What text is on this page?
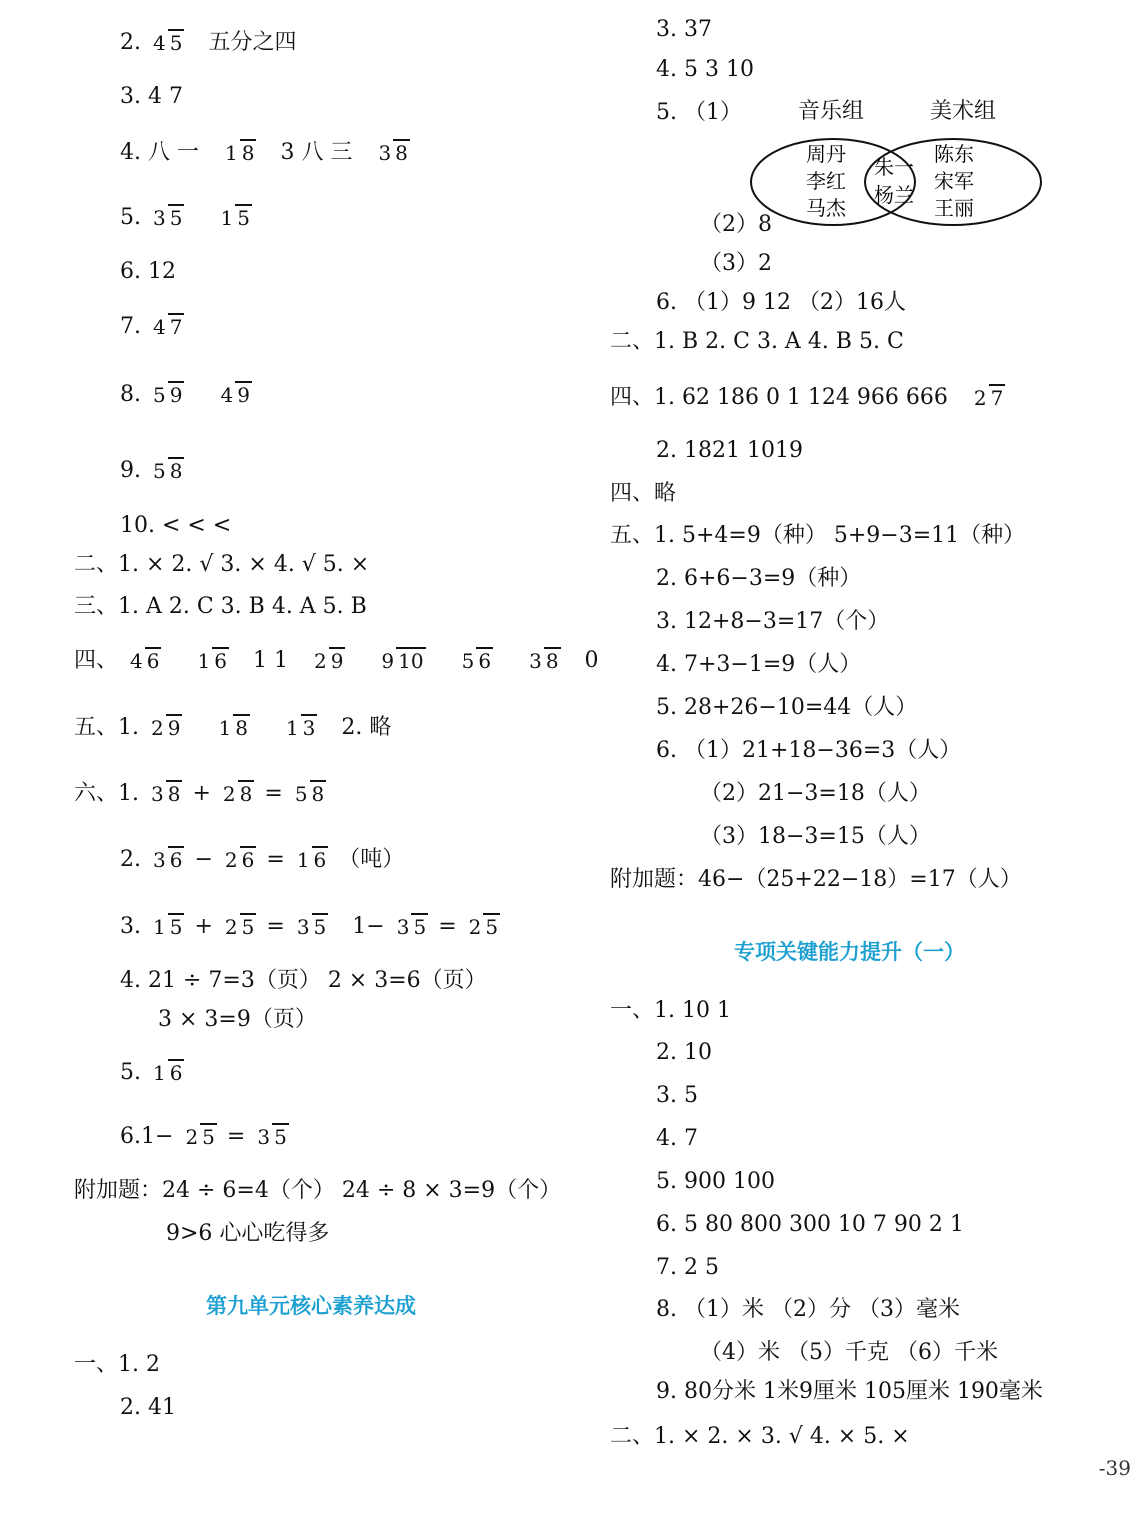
2. 4 5 五分之四
3. 4 7
4. 八 一 1 8 3 八 三 3 8
5. 3 5 1 5
6. 12
7. 4 7
8. 5 9 4 9
9. 5 8
10. < < <
二、1. × 2. √ 3. × 4. √ 5. ×
三、1. A 2. C 3. B 4. A 5. B
四、 4 6 1 6 1 1 2 9 9 10 5 6 3 8 0
五、1. 2 9 1 8 1 3 2. 略
六、1. 3 8 + 2 8 = 5 8
2. 3 6 − 2 6 = 1 6 （吨）
3. 1 5 + 2 5 = 3 5 1− 3 5 = 2 5
4. 21 ÷ 7=3（页） 2 × 3=6（页）
3 × 3=9（页）
5. 1 6
6.1− 2 5 = 3 5
附加题：24 ÷ 6=4（个） 24 ÷ 8 × 3=9（个）
9>6 心心吃得多
第九单元核心素养达成
一、1. 2
2. 41
3. 37
4. 5 3 10
5. （1）	音乐组	美术组
周丹
李红
马杰
朱一
杨兰
陈东
宋军
王丽
（2）8
（3）2
6. （1）9 12 （2）16人
二、1. B 2. C 3. A 4. B 5. C
四、1. 62 186 0 1 124 966 666 2 7
2. 1821 1019
四、略
五、1. 5+4=9（种） 5+9−3=11（种）
2. 6+6−3=9（种）
3. 12+8−3=17（个）
4. 7+3−1=9（人）
5. 28+26−10=44（人）
6. （1）21+18−36=3（人）
（2）21−3=18（人）
（3）18−3=15（人）
附加题：46−（25+22−18）=17（人）
专项关键能力提升（一）
一、1. 10 1
2. 10
3. 5
4. 7
5. 900 100
6. 5 80 800 300 10 7 90 2 1
7. 2 5
8. （1）米 （2）分 （3）毫米
（4）米 （5）千克 （6）千米
9. 80分米 1米9厘米 105厘米 190毫米
二、1. × 2. × 3. √ 4. × 5. ×
-39
